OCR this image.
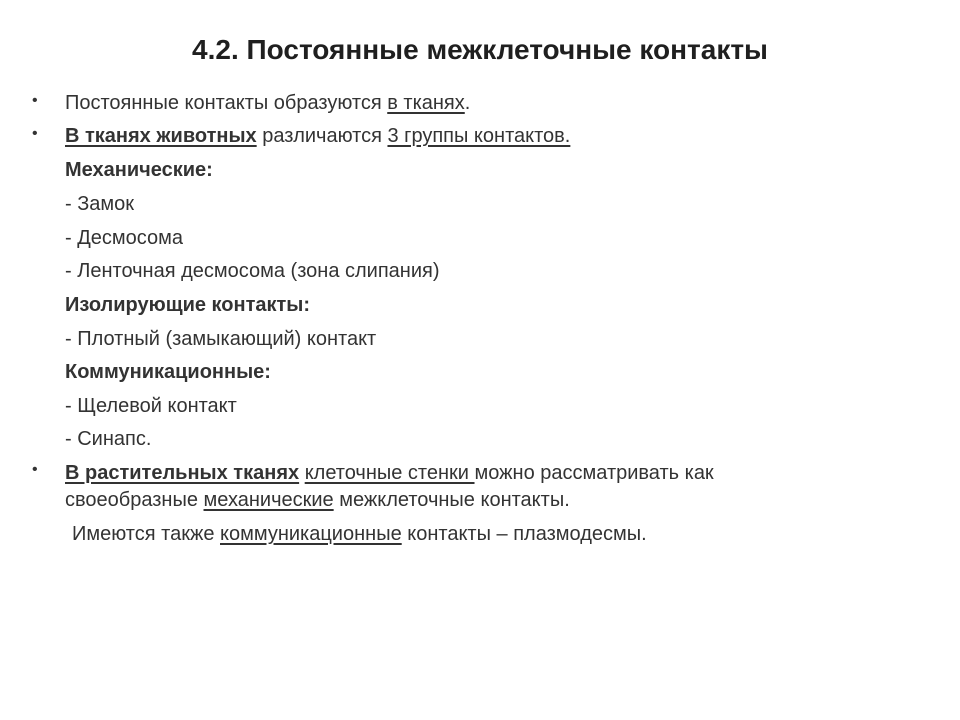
4.2. Постоянные межклеточные контакты
• Постоянные контакты образуются в тканях.
• В тканях животных различаются 3 группы контактов.
Механические:
- Замок
- Десмосома
- Ленточная десмосома (зона слипания)
Изолирующие контакты:
- Плотный (замыкающий) контакт
Коммуникационные:
- Щелевой контакт
- Синапс.
• В растительных тканях клеточные стенки можно рассматривать как
своеобразные механические межклеточные контакты.
Имеются также коммуникационные контакты – плазмодесмы.
